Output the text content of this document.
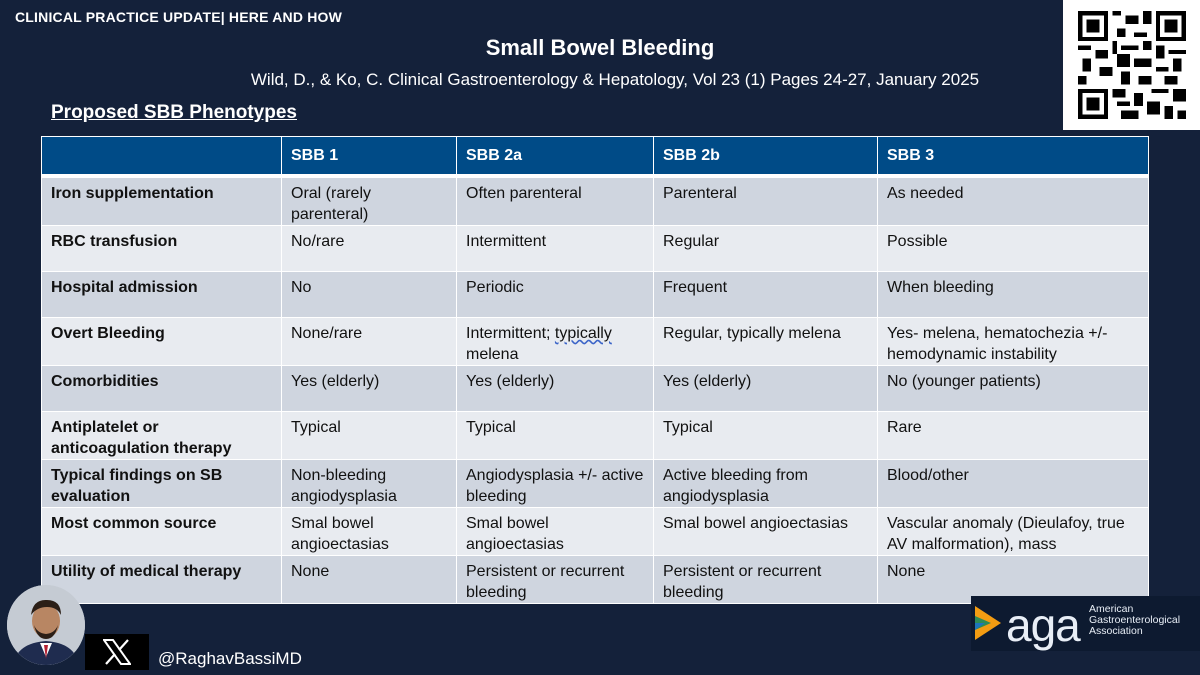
CLINICAL PRACTICE UPDATE| HERE AND HOW
Small Bowel Bleeding
Wild, D., & Ko, C. Clinical Gastroenterology & Hepatology, Vol 23 (1) Pages 24-27, January 2025
Proposed SBB Phenotypes
	SBB 1	SBB 2a	SBB 2b	SBB 3
Iron supplementation	Oral (rarely parenteral)	Often parenteral	Parenteral	As needed
RBC transfusion	No/rare	Intermittent	Regular	Possible
Hospital admission	No	Periodic	Frequent	When bleeding
Overt Bleeding	None/rare	Intermittent; typically melena	Regular, typically melena	Yes- melena, hematochezia +/- hemodynamic instability
Comorbidities	Yes (elderly)	Yes (elderly)	Yes (elderly)	No (younger patients)
Antiplatelet or anticoagulation therapy	Typical	Typical	Typical	Rare
Typical findings on SB evaluation	Non-bleeding angiodysplasia	Angiodysplasia +/- active bleeding	Active bleeding from angiodysplasia	Blood/other
Most common source	Smal bowel angioectasias	Smal bowel angioectasias	Smal bowel angioectasias	Vascular anomaly (Dieulafoy, true AV malformation), mass
Utility of medical therapy	None	Persistent or recurrent bleeding	Persistent or recurrent bleeding	None
@RaghavBassiMD
aga American
Gastroenterological
Association
